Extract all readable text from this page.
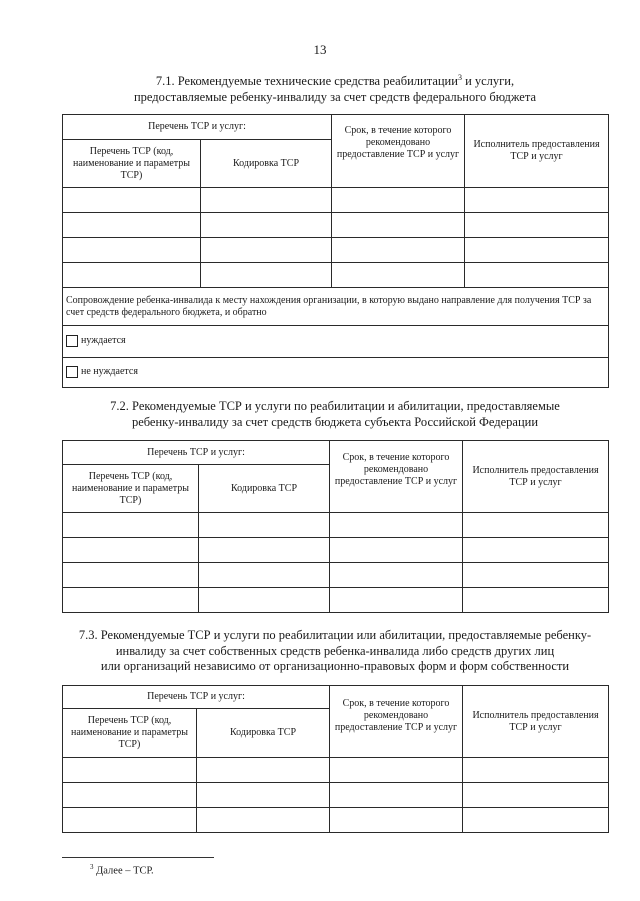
13
7.1. Рекомендуемые технические средства реабилитации$^3$ и услуги,
предоставляемые ребенку-инвалиду за счет средств федерального бюджета
Перечень ТСР и услуг:		Срок, в течение которого рекомендовано предоставление ТСР и услуг	Исполнитель предоставления ТСР и услуг
Перечень ТСР (код, наименование и параметры ТСР)	Кодировка ТСР		

Сопровождение ребенка-инвалида к месту нахождения организации, в которую выдано направление для получения ТСР за счет средств федерального бюджета, и обратно			
нуждается			
не нуждается			
7.2. Рекомендуемые ТСР и услуги по реабилитации и абилитации, предоставляемые
ребенку-инвалиду за счет средств бюджета субъекта Российской Федерации
Перечень ТСР и услуг:		Срок, в течение которого рекомендовано предоставление ТСР и услуг	Исполнитель предоставления ТСР и услуг
Перечень ТСР (код, наименование и параметры ТСР)	Кодировка ТСР		

7.3. Рекомендуемые ТСР и услуги по реабилитации или абилитации, предоставляемые ребенку-
инвалиду за счет собственных средств ребенка-инвалида либо средств других лиц
или организаций независимо от организационно-правовых форм и форм собственности
Перечень ТСР и услуг:		Срок, в течение которого рекомендовано предоставление ТСР и услуг	Исполнитель предоставления ТСР и услуг
Перечень ТСР (код, наименование и параметры ТСР)	Кодировка ТСР		

$^3$ Далее – ТСР.
